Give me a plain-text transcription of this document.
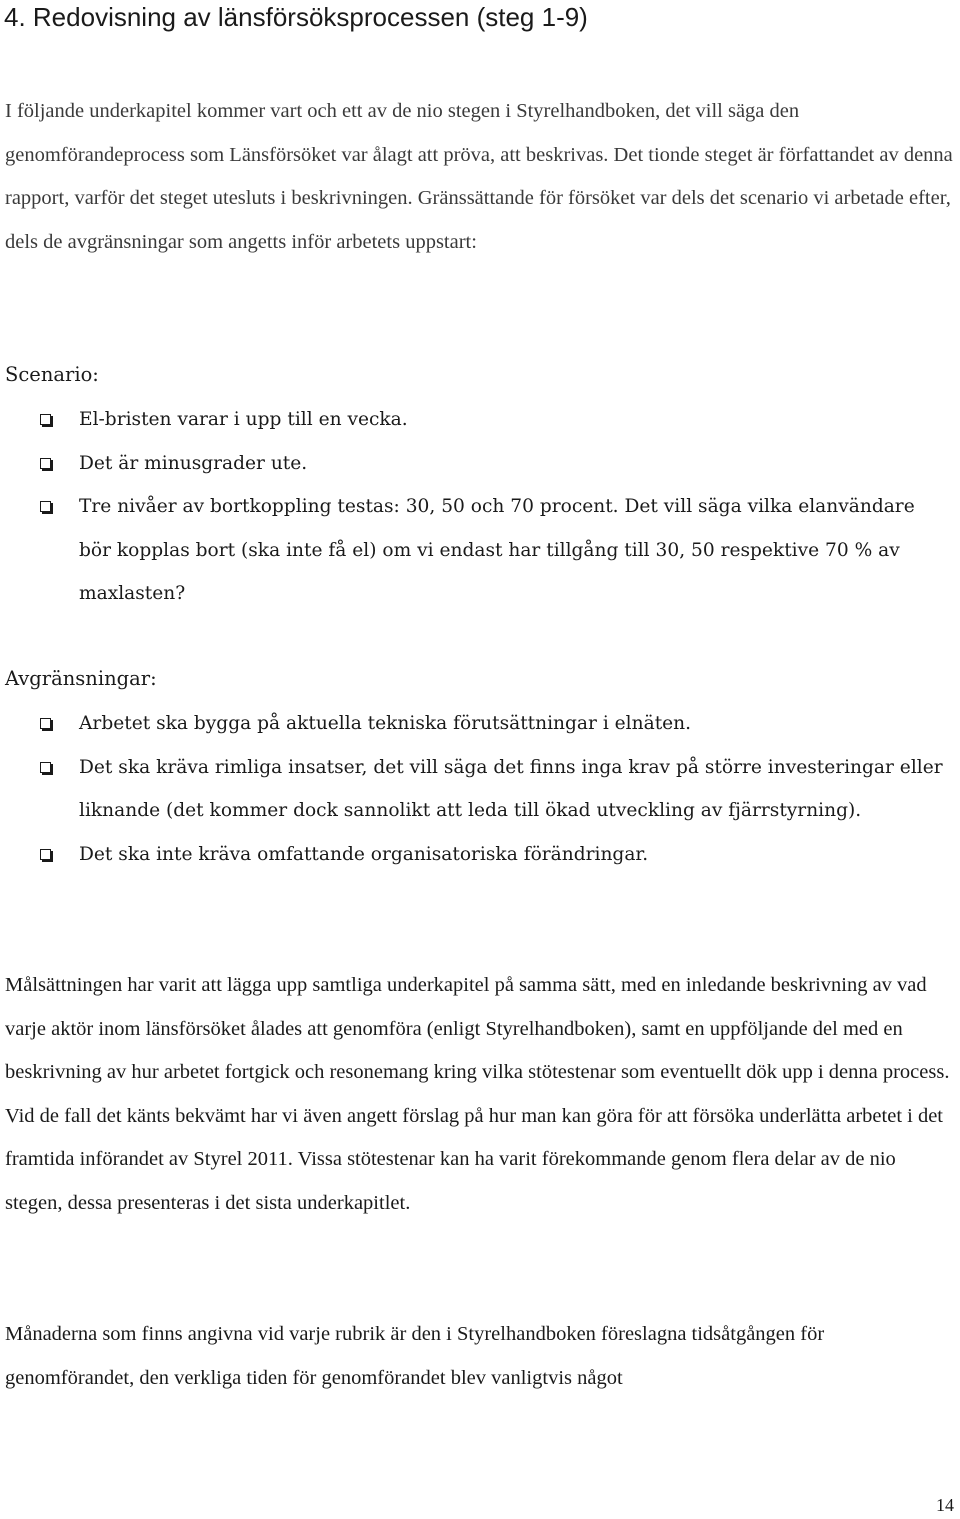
4. Redovisning av länsförsöksprocessen (steg 1-9)

I följande underkapitel kommer vart och ett av de nio stegen i Styrelhandboken, det vill säga den genomförandeprocess som Länsförsöket var ålagt att pröva, att beskrivas. Det tionde steget är författandet av denna rapport, varför det steget utesluts i beskrivningen. Gränssättande för försöket var dels det scenario vi arbetade efter, dels de avgränsningar som angetts inför arbetets uppstart:

Scenario:
El-bristen varar i upp till en vecka.
Det är minusgrader ute.
Tre nivåer av bortkoppling testas: 30, 50 och 70 procent. Det vill säga vilka elanvändare bör kopplas bort (ska inte få el) om vi endast har tillgång till 30, 50 respektive 70 % av maxlasten?
Avgränsningar:
Arbetet ska bygga på aktuella tekniska förutsättningar i elnäten.
Det ska kräva rimliga insatser, det vill säga det finns inga krav på större investeringar eller liknande (det kommer dock sannolikt att leda till ökad utveckling av fjärrstyrning).
Det ska inte kräva omfattande organisatoriska förändringar.

Målsättningen har varit att lägga upp samtliga underkapitel på samma sätt, med en inledande beskrivning av vad varje aktör inom länsförsöket ålades att genomföra (enligt Styrelhandboken), samt en uppföljande del med en beskrivning av hur arbetet fortgick och resonemang kring vilka stötestenar som eventuellt dök upp i denna process. Vid de fall det känts bekvämt har vi även angett förslag på hur man kan göra för att försöka underlätta arbetet i det framtida införandet av Styrel 2011. Vissa stötestenar kan ha varit förekommande genom flera delar av de nio stegen, dessa presenteras i det sista underkapitlet.

Månaderna som finns angivna vid varje rubrik är den i Styrelhandboken föreslagna tidsåtgången för genomförandet, den verkliga tiden för genomförandet blev vanligtvis något

14
